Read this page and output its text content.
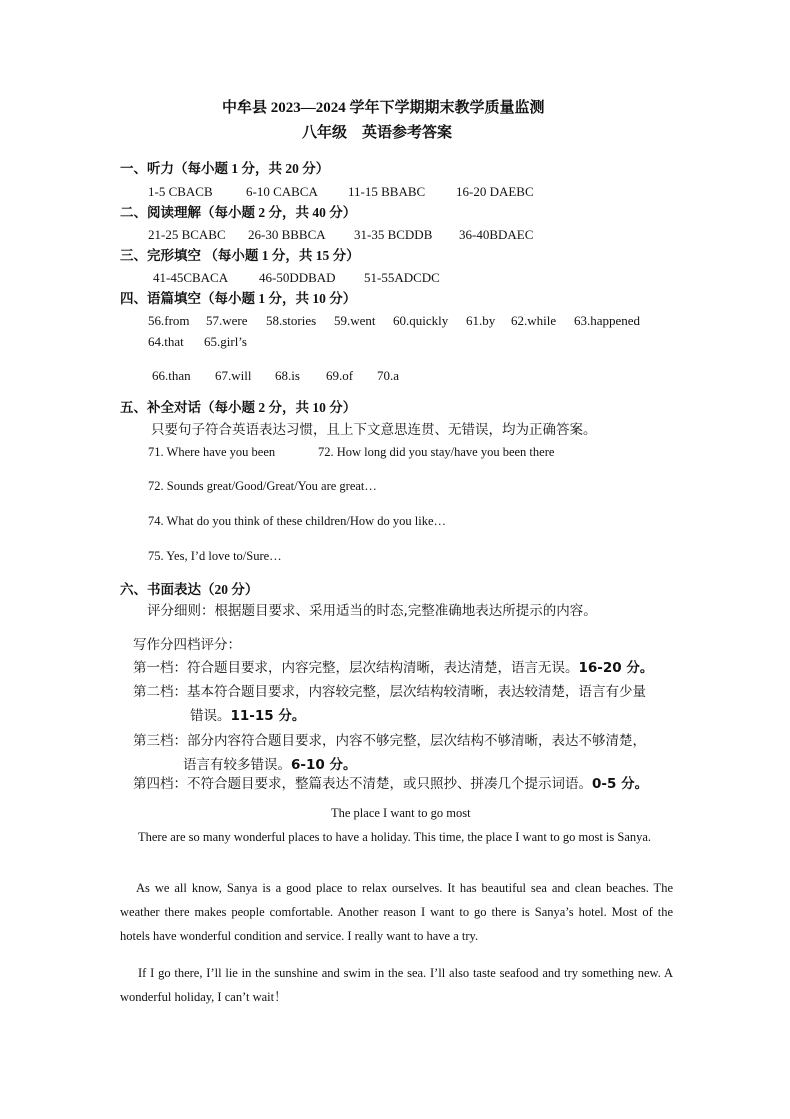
中牟县 2023—2024 学年下学期期末教学质量监测
八年级　英语参考答案
一、听力（每小题 1 分，共 20 分）
1-5 CBACB	6-10 CABCA 11-15 BBABC 16-20 DAEBC
二、阅读理解（每小题 2 分，共 40 分）
21-25 BCABC 26-30 BBBCA 31-35 BCDDB 36-40BDAEC
三、完形填空 （每小题 1 分，共 15 分）
41-45CBACA 46-50DDBAD 51-55ADCDC
四、语篇填空（每小题 1 分，共 10 分）
56.from 57.were 58.stories 59.went 60.quickly 61.by 62.while 63.happened
64.that 65.girl’s
66.than 67.will 68.is 69.of 70.a
五、补全对话（每小题 2 分，共 10 分）
只要句子符合英语表达习惯，且上下文意思连贯、无错误，均为正确答案。
71. Where have you been	72. How long did you stay/have you been there
72. Sounds great/Good/Great/You are great…
74. What do you think of these children/How do you like…
75. Yes, I’d love to/Sure…
六、书面表达（20 分）
评分细则：根据题目要求、采用适当的时态,完整准确地表达所提示的内容。
写作分四档评分：
第一档：符合题目要求，内容完整，层次结构清晰，表达清楚，语言无误。16-20 分。
第二档：基本符合题目要求，内容较完整，层次结构较清晰，表达较清楚，语言有少量
错误。11-15 分。
第三档：部分内容符合题目要求，内容不够完整，层次结构不够清晰，表达不够清楚，
语言有较多错误。6-10 分。
第四档：不符合题目要求，整篇表达不清楚，或只照抄、拼凑几个提示词语。0-5 分。
The place I want to go most
There are so many wonderful places to have a holiday. This time, the place I want to go most is Sanya.
As we all know, Sanya is a good place to relax ourselves. It has beautiful sea and clean beaches. The weather there makes people comfortable. Another reason I want to go there is Sanya’s hotel. Most of the hotels have wonderful condition and service. I really want to have a try.
If I go there, I’ll lie in the sunshine and swim in the sea. I’ll also taste seafood and try something new. A wonderful holiday, I can’t wait！
